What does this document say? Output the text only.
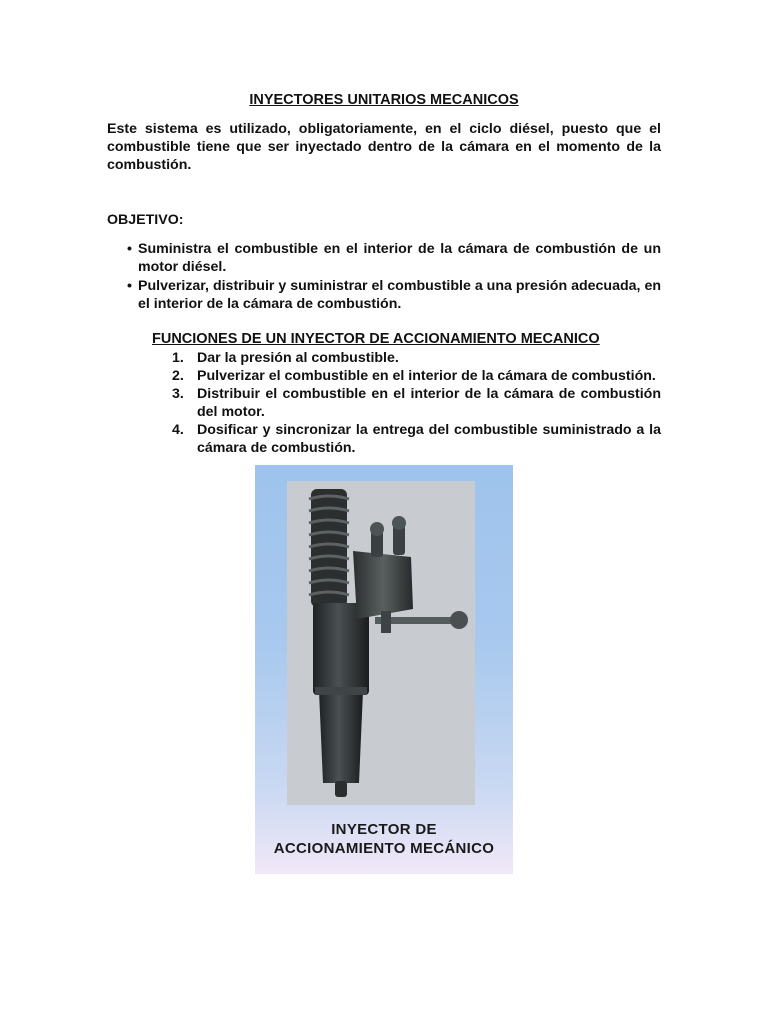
INYECTORES UNITARIOS MECANICOS
Este sistema es utilizado, obligatoriamente, en el ciclo diésel, puesto que el combustible tiene que ser inyectado dentro de la cámara en el momento de la combustión.
OBJETIVO:
• Suministra el combustible en el interior de la cámara de combustión de un motor diésel.
• Pulverizar, distribuir y suministrar el combustible a una presión adecuada, en el interior de la cámara de combustión.
FUNCIONES DE UN INYECTOR DE ACCIONAMIENTO MECANICO
1. Dar la presión al combustible.
2. Pulverizar el combustible en el interior de la cámara de combustión.
3. Distribuir el combustible en el interior de la cámara de combustión del motor.
4. Dosificar y sincronizar la entrega del combustible suministrado a la cámara de combustión.
INYECTOR DE
ACCIONAMIENTO MECÁNICO
